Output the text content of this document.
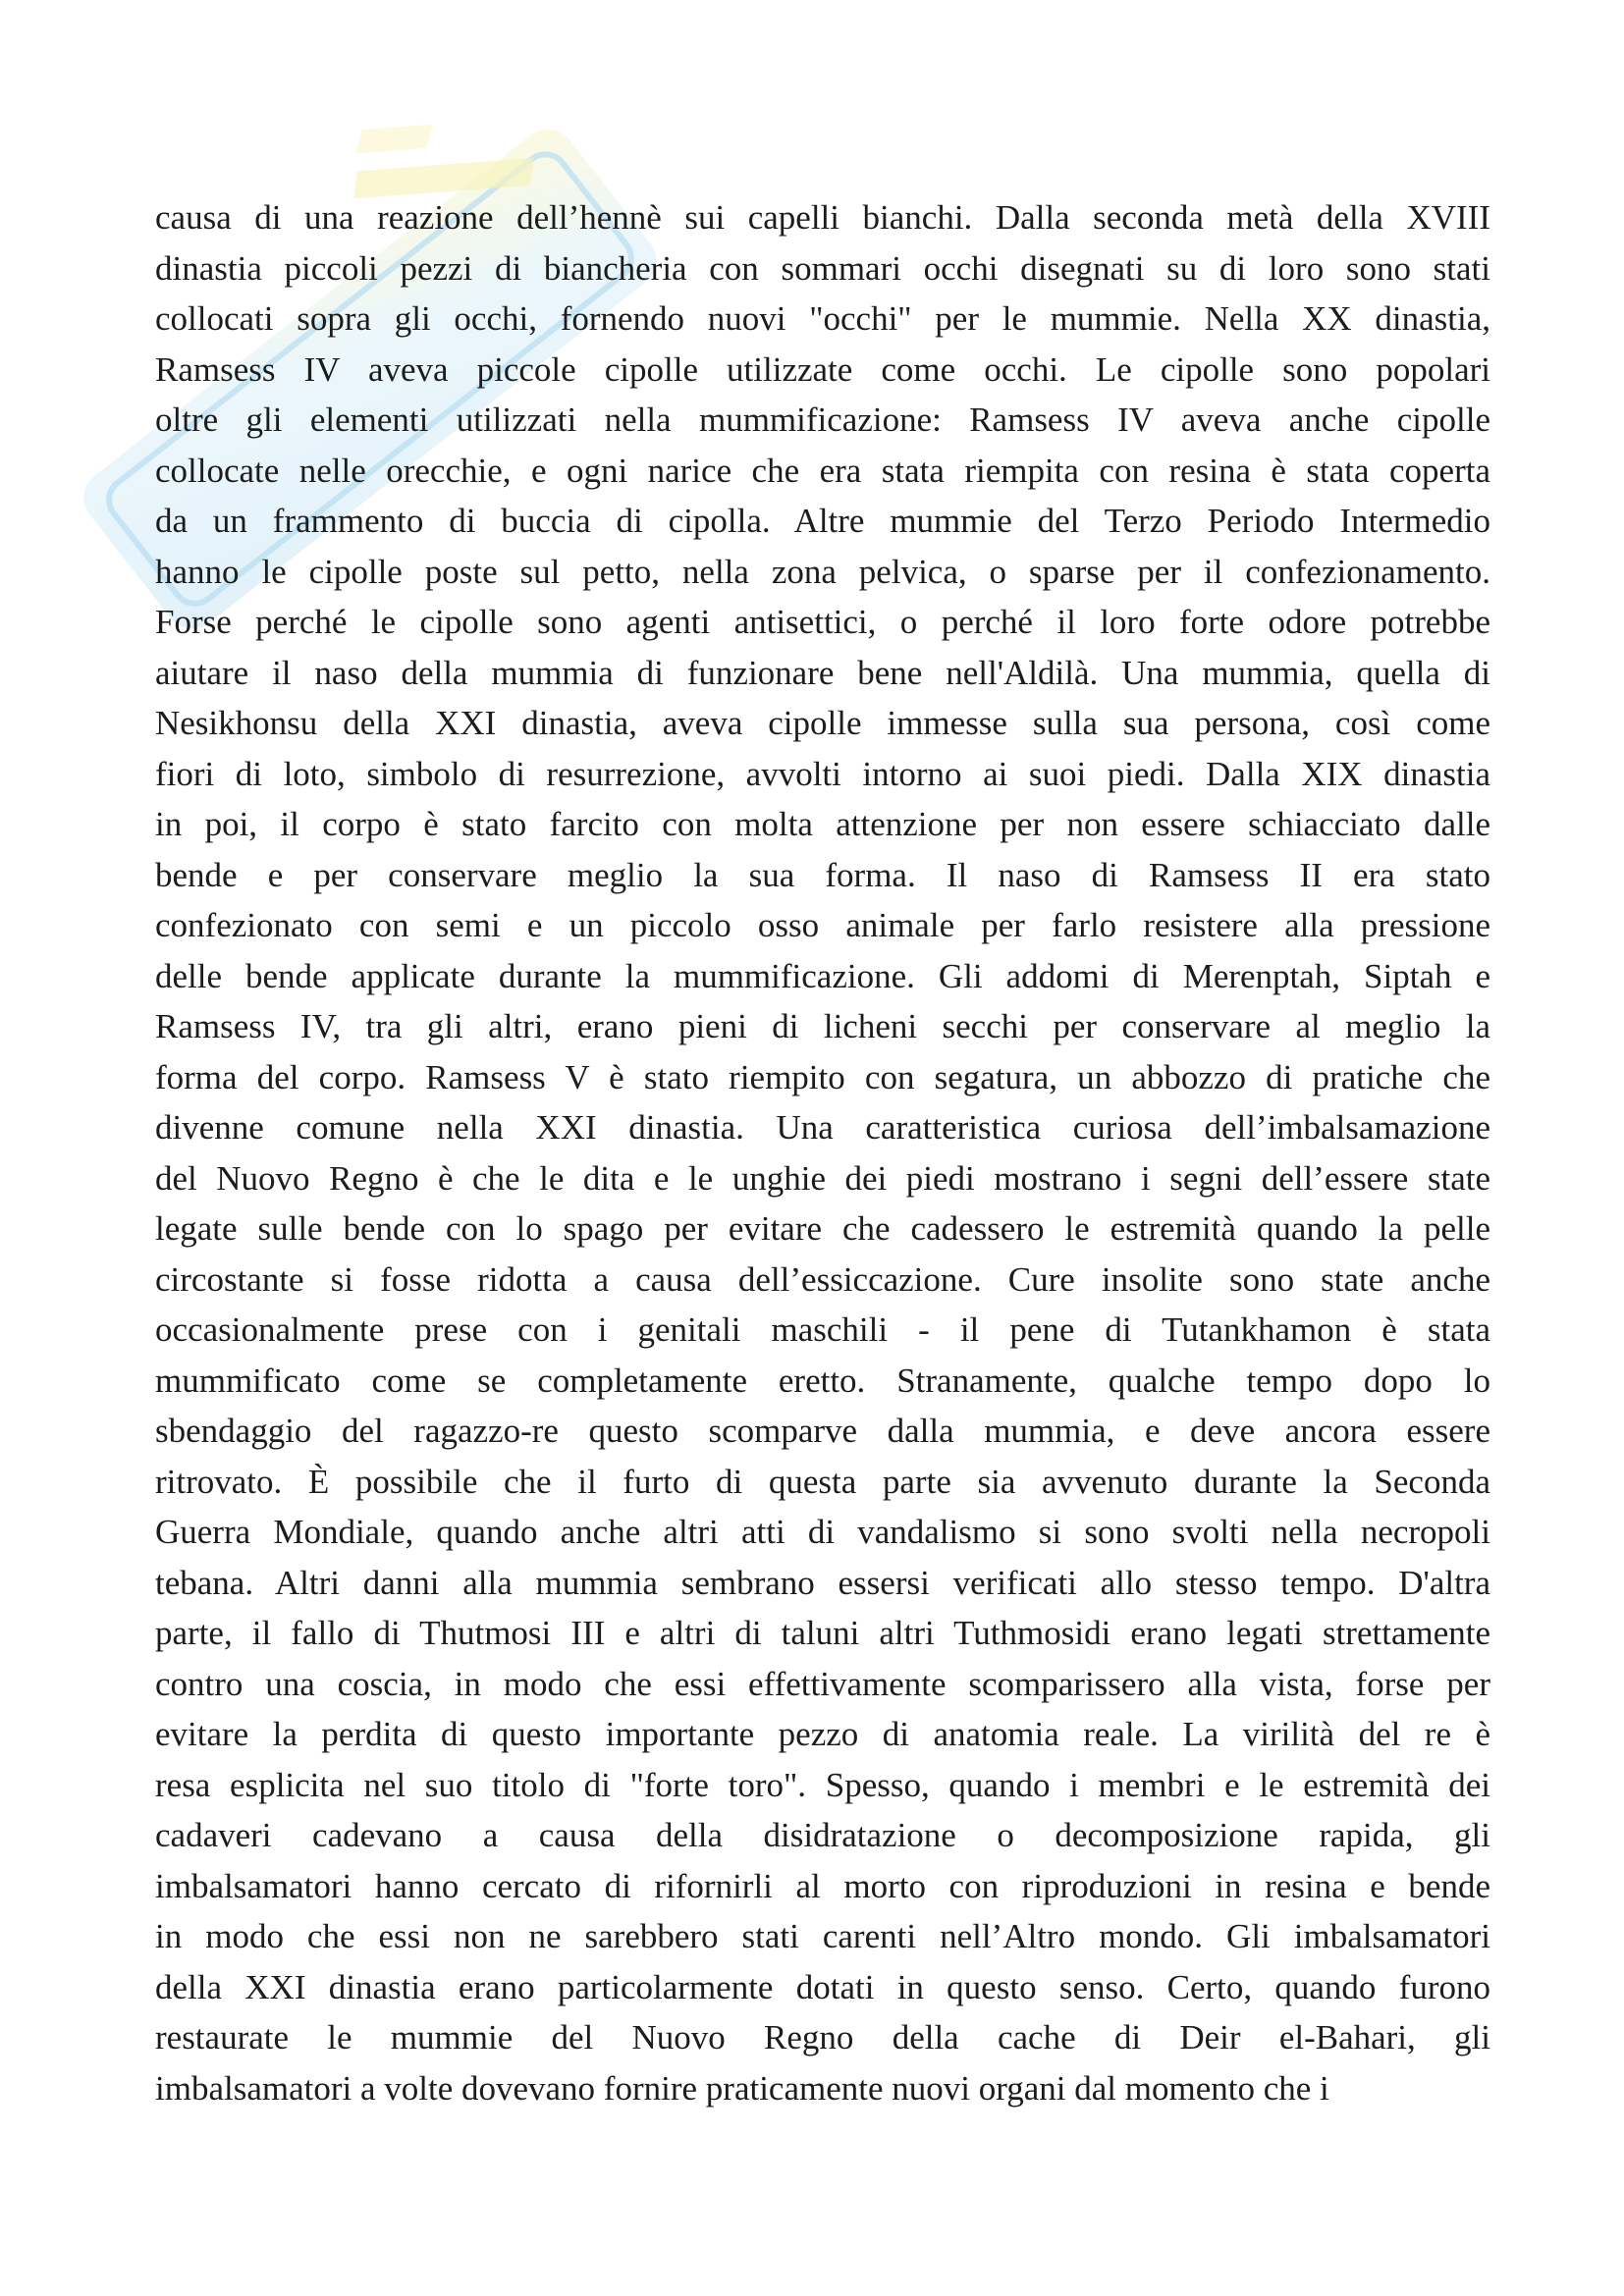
causa di una reazione dell’hennè sui capelli bianchi. Dalla seconda metà della XVIII
dinastia piccoli pezzi di biancheria con sommari occhi disegnati su di loro sono stati
collocati sopra gli occhi, fornendo nuovi "occhi" per le mummie. Nella XX dinastia,
Ramsess IV aveva piccole cipolle utilizzate come occhi. Le cipolle sono popolari
oltre gli elementi utilizzati nella mummificazione: Ramsess IV aveva anche cipolle
collocate nelle orecchie, e ogni narice che era stata riempita con resina è stata coperta
da un frammento di buccia di cipolla. Altre mummie del Terzo Periodo Intermedio
hanno le cipolle poste sul petto, nella zona pelvica, o sparse per il confezionamento.
Forse perché le cipolle sono agenti antisettici, o perché il loro forte odore potrebbe
aiutare il naso della mummia di funzionare bene nell'Aldilà. Una mummia, quella di
Nesikhonsu della XXI dinastia, aveva cipolle immesse sulla sua persona, così come
fiori di loto, simbolo di resurrezione, avvolti intorno ai suoi piedi. Dalla XIX dinastia
in poi, il corpo è stato farcito con molta attenzione per non essere schiacciato dalle
bende e per conservare meglio la sua forma. Il naso di Ramsess II era stato
confezionato con semi e un piccolo osso animale per farlo resistere alla pressione
delle bende applicate durante la mummificazione. Gli addomi di Merenptah, Siptah e
Ramsess IV, tra gli altri, erano pieni di licheni secchi per conservare al meglio la
forma del corpo. Ramsess V è stato riempito con segatura, un abbozzo di pratiche che
divenne comune nella XXI dinastia. Una caratteristica curiosa dell’imbalsamazione
del Nuovo Regno è che le dita e le unghie dei piedi mostrano i segni dell’essere state
legate sulle bende con lo spago per evitare che cadessero le estremità quando la pelle
circostante si fosse ridotta a causa dell’essiccazione. Cure insolite sono state anche
occasionalmente prese con i genitali maschili - il pene di Tutankhamon è stata
mummificato come se completamente eretto. Stranamente, qualche tempo dopo lo
sbendaggio del ragazzo-re questo scomparve dalla mummia, e deve ancora essere
ritrovato. È possibile che il furto di questa parte sia avvenuto durante la Seconda
Guerra Mondiale, quando anche altri atti di vandalismo si sono svolti nella necropoli
tebana. Altri danni alla mummia sembrano essersi verificati allo stesso tempo. D'altra
parte, il fallo di Thutmosi III e altri di taluni altri Tuthmosidi erano legati strettamente
contro una coscia, in modo che essi effettivamente scomparissero alla vista, forse per
evitare la perdita di questo importante pezzo di anatomia reale. La virilità del re è
resa esplicita nel suo titolo di "forte toro". Spesso, quando i membri e le estremità dei
cadaveri cadevano a causa della disidratazione o decomposizione rapida, gli
imbalsamatori hanno cercato di rifornirli al morto con riproduzioni in resina e bende
in modo che essi non ne sarebbero stati carenti nell’Altro mondo. Gli imbalsamatori
della XXI dinastia erano particolarmente dotati in questo senso. Certo, quando furono
restaurate le mummie del Nuovo Regno della cache di Deir el-Bahari, gli
imbalsamatori a volte dovevano fornire praticamente nuovi organi dal momento che i
